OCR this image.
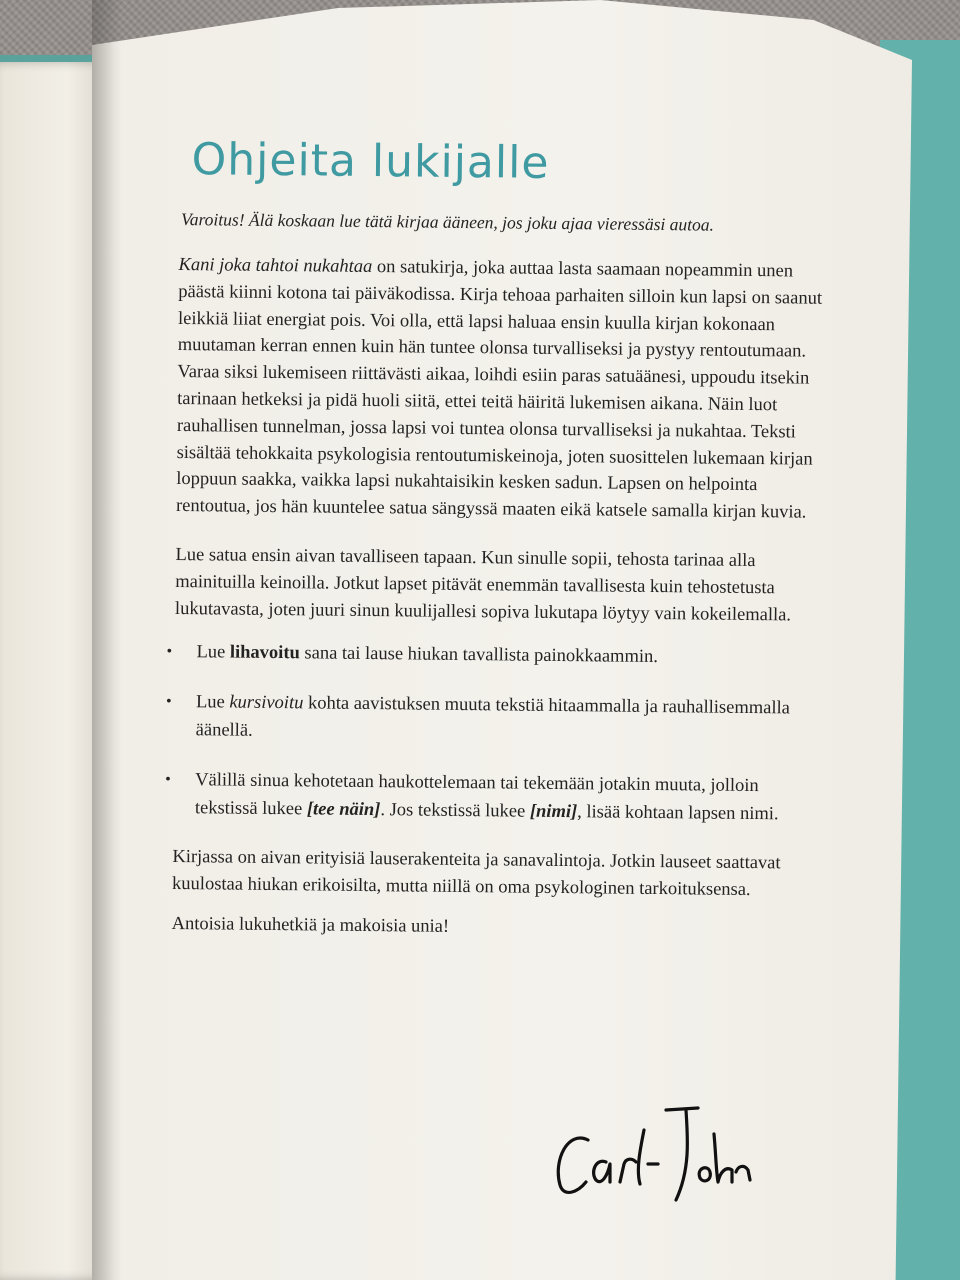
Ohjeita lukijalle
Varoitus! Älä koskaan lue tätä kirjaa ääneen, jos joku ajaa vieressäsi autoa.

Kani joka tahtoi nukahtaa on satukirja, joka auttaa lasta saamaan nopeammin unen päästä kiinni kotona tai päiväkodissa. Kirja tehoaa parhaiten silloin kun lapsi on saanut leikkiä liiat energiat pois. Voi olla, että lapsi haluaa ensin kuulla kirjan kokonaan muutaman kerran ennen kuin hän tuntee olonsa turvalliseksi ja pystyy rentoutumaan. Varaa siksi lukemiseen riittävästi aikaa, loihdi esiin paras satuäänesi, uppoudu itsekin tarinaan hetkeksi ja pidä huoli siitä, ettei teitä häiritä lukemisen aikana. Näin luot rauhallisen tunnelman, jossa lapsi voi tuntea olonsa turvalliseksi ja nukahtaa. Teksti sisältää tehokkaita psykologisia rentoutumiskeinoja, joten suosittelen lukemaan kirjan loppuun saakka, vaikka lapsi nukahtaisikin kesken sadun. Lapsen on helpointa rentoutua, jos hän kuuntelee satua sängyssä maaten eikä katsele samalla kirjan kuvia.

Lue satua ensin aivan tavalliseen tapaan. Kun sinulle sopii, tehosta tarinaa alla mainituilla keinoilla. Jotkut lapset pitävät enemmän tavallisesta kuin tehostetusta lukutavasta, joten juuri sinun kuulijallesi sopiva lukutapa löytyy vain kokeilemalla.

• Lue lihavoitu sana tai lause hiukan tavallista painokkaammin.
• Lue kursivoitu kohta aavistuksen muuta tekstiä hitaammalla ja rauhallisemmalla äänellä.
• Välillä sinua kehotetaan haukottelemaan tai tekemään jotakin muuta, jolloin tekstissä lukee [tee näin]. Jos tekstissä lukee [nimi], lisää kohtaan lapsen nimi.

Kirjassa on aivan erityisiä lauserakenteita ja sanavalintoja. Jotkin lauseet saattavat kuulostaa hiukan erikoisilta, mutta niillä on oma psykologinen tarkoituksensa.

Antoisia lukuhetkiä ja makoisia unia!
